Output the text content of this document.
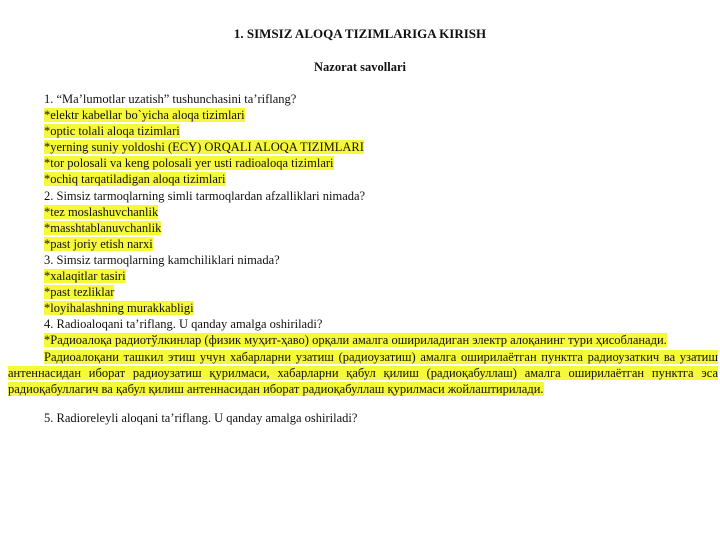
1. SIMSIZ ALOQA TIZIMLARIGA KIRISH

Nazorat savollari

1. “Ma’lumotlar uzatish” tushunchasini ta’riflang?
*elektr kabellar bo`yicha aloqa tizimlari
*optic tolali aloqa tizimlari
*yerning suniy yoldoshi (ECY) ORQALI ALOQA TIZIMLARI
*tor polosali va keng polosali yer usti radioaloqa tizimlari
*ochiq tarqatiladigan aloqa tizimlari
2. Simsiz tarmoqlarning simli tarmoqlardan afzalliklari nimada?
*tez moslashuvchanlik
*masshtablanuvchanlik
*past joriy etish narxi
3. Simsiz tarmoqlarning kamchiliklari nimada?
*xalaqitlar tasiri
*past tezliklar
*loyihalashning murakkabligi
4. Radioaloqani ta’riflang. U qanday amalga oshiriladi?

*Радиоалоқа радиотўлкинлар (физик муҳит-ҳаво) орқали амалга ошириладиган электр алоқанинг тури ҳисобланади.

Радиоалоқани ташкил этиш учун хабарларни узатиш (радиоузатиш) амалга оширилаётган пунктга радиоузаткич ва узатиш антеннасидан иборат радиоузатиш қурилмаси, хабарларни қабул қилиш (радиоқабуллаш) амалга оширилаётган пунктга эса радиоқабуллагич ва қабул қилиш антеннасидан иборат радиоқабуллаш қурилмаси жойлаштирилади.

5. Radioreleyli aloqani ta’riflang. U qanday amalga oshiriladi?
